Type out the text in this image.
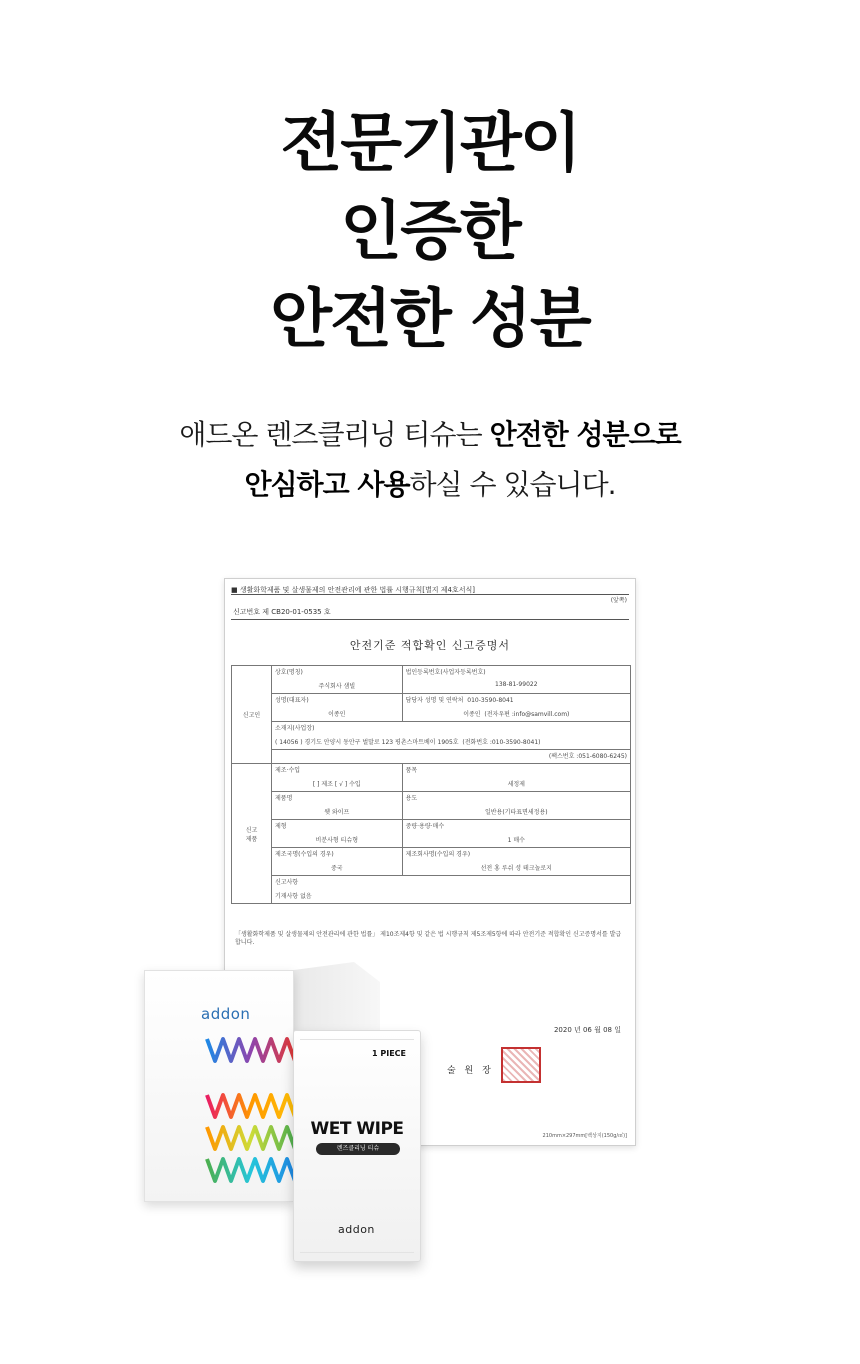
전문기관이
인증한
안전한 성분
애드온 렌즈클리닝 티슈는 안전한 성분으로
안심하고 사용하실 수 있습니다.
■ 생활화학제품 및 살생물제의 안전관리에 관한 법률 시행규칙[별지 제4호서식]
(앞쪽)
신고번호 제 CB20-01-0535 호
안전기준 적합확인 신고증명서
신고인	상호(명칭)	법인등록번호(사업자등록번호)
	주식회사 샘빌	138-81-99022
	성명(대표자)	담당자 성명 및 연락처 010-3590-8041
	이종인	이종인 (전자우편 :info@samvill.com)
	소재지(사업장)	
	( 14056 ) 경기도 안양시 동안구 벌말로 123 평촌스마트베이 1905호 (전화번호 :010-3590-8041)	
	(팩스번호 :051-6080-6245)	
신고
제품	제조·수입	품목
	[ ] 제조 [ √ ] 수입	세정제
	제품명	용도
	웻 와이프	일반용(기타표면세정용)
	제형	중량·용량·매수
	비분사형 티슈형	1 매수
	제조국명(수입의 경우)	제조회사명(수입의 경우)
	중국	선전 홍 루쉬 셩 테크놀로지
	신고사항	
	기재사항 없음	
「생활화학제품 및 살생물제의 안전관리에 관한 법률」 제10조제4항 및 같은 법 시행규칙 제5조제5항에 따라 안전기준 적합확인 신고증명서를 발급합니다.
2020 년 06 월 08 일
술 원 장
210mm×297mm[백상지(150g/㎡)]
addon
1 PIECE
WET WIPE
렌즈클리닝 티슈
addon
